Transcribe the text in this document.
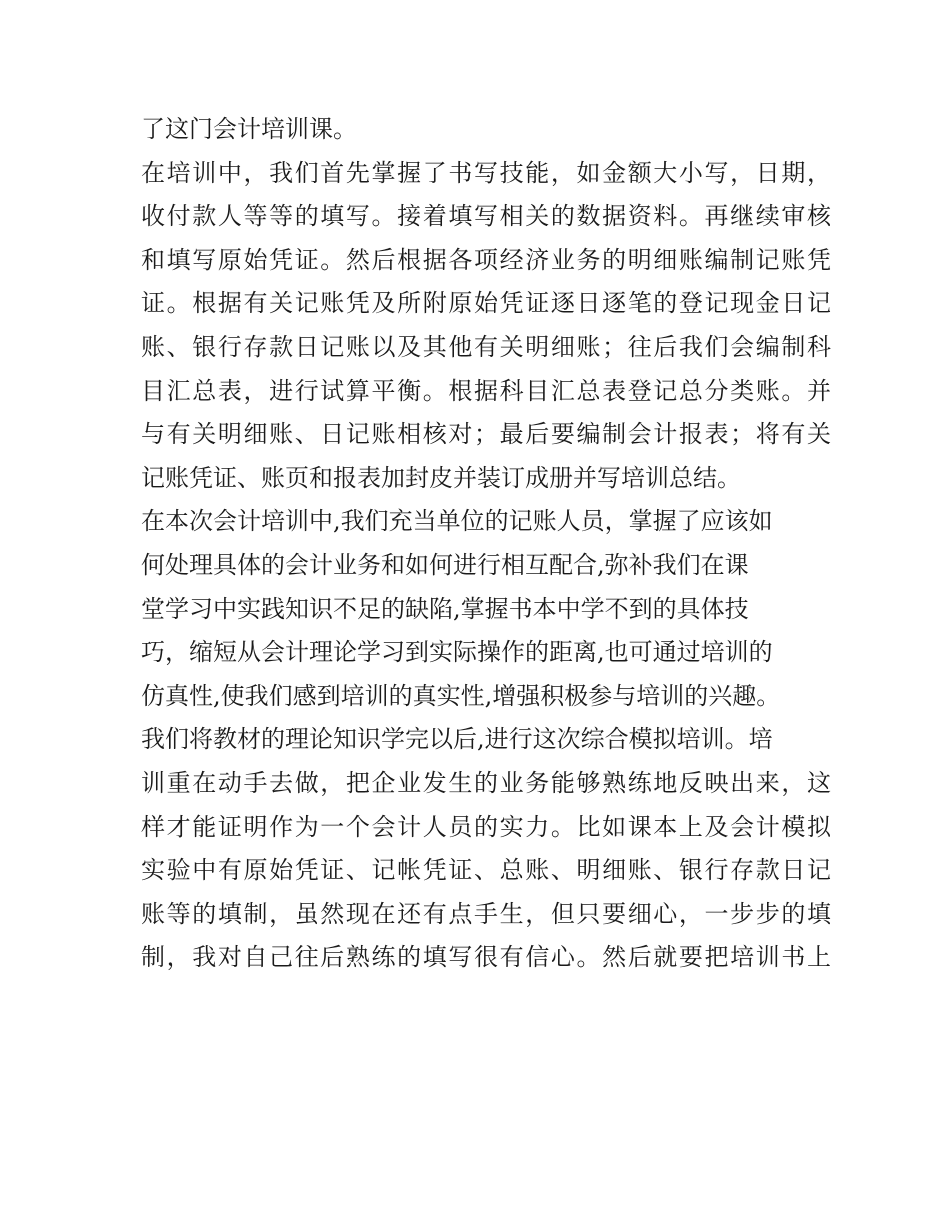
了这门会计培训课。
在培训中，我们首先掌握了书写技能，如金额大小写，日期，
收付款人等等的填写。接着填写相关的数据资料。再继续审核
和填写原始凭证。然后根据各项经济业务的明细账编制记账凭
证。根据有关记账凭及所附原始凭证逐日逐笔的登记现金日记
账、银行存款日记账以及其他有关明细账；往后我们会编制科
目汇总表，进行试算平衡。根据科目汇总表登记总分类账。并
与有关明细账、日记账相核对；最后要编制会计报表；将有关
记账凭证、账页和报表加封皮并装订成册并写培训总结。
在本次会计培训中,我们充当单位的记账人员，掌握了应该如
何处理具体的会计业务和如何进行相互配合,弥补我们在课
堂学习中实践知识不足的缺陷,掌握书本中学不到的具体技
巧，缩短从会计理论学习到实际操作的距离,也可通过培训的
仿真性,使我们感到培训的真实性,增强积极参与培训的兴趣。
我们将教材的理论知识学完以后,进行这次综合模拟培训。培
训重在动手去做，把企业发生的业务能够熟练地反映出来，这
样才能证明作为一个会计人员的实力。比如课本上及会计模拟
实验中有原始凭证、记帐凭证、总账、明细账、银行存款日记
账等的填制，虽然现在还有点手生，但只要细心，一步步的填
制，我对自己往后熟练的填写很有信心。然后就要把培训书上
